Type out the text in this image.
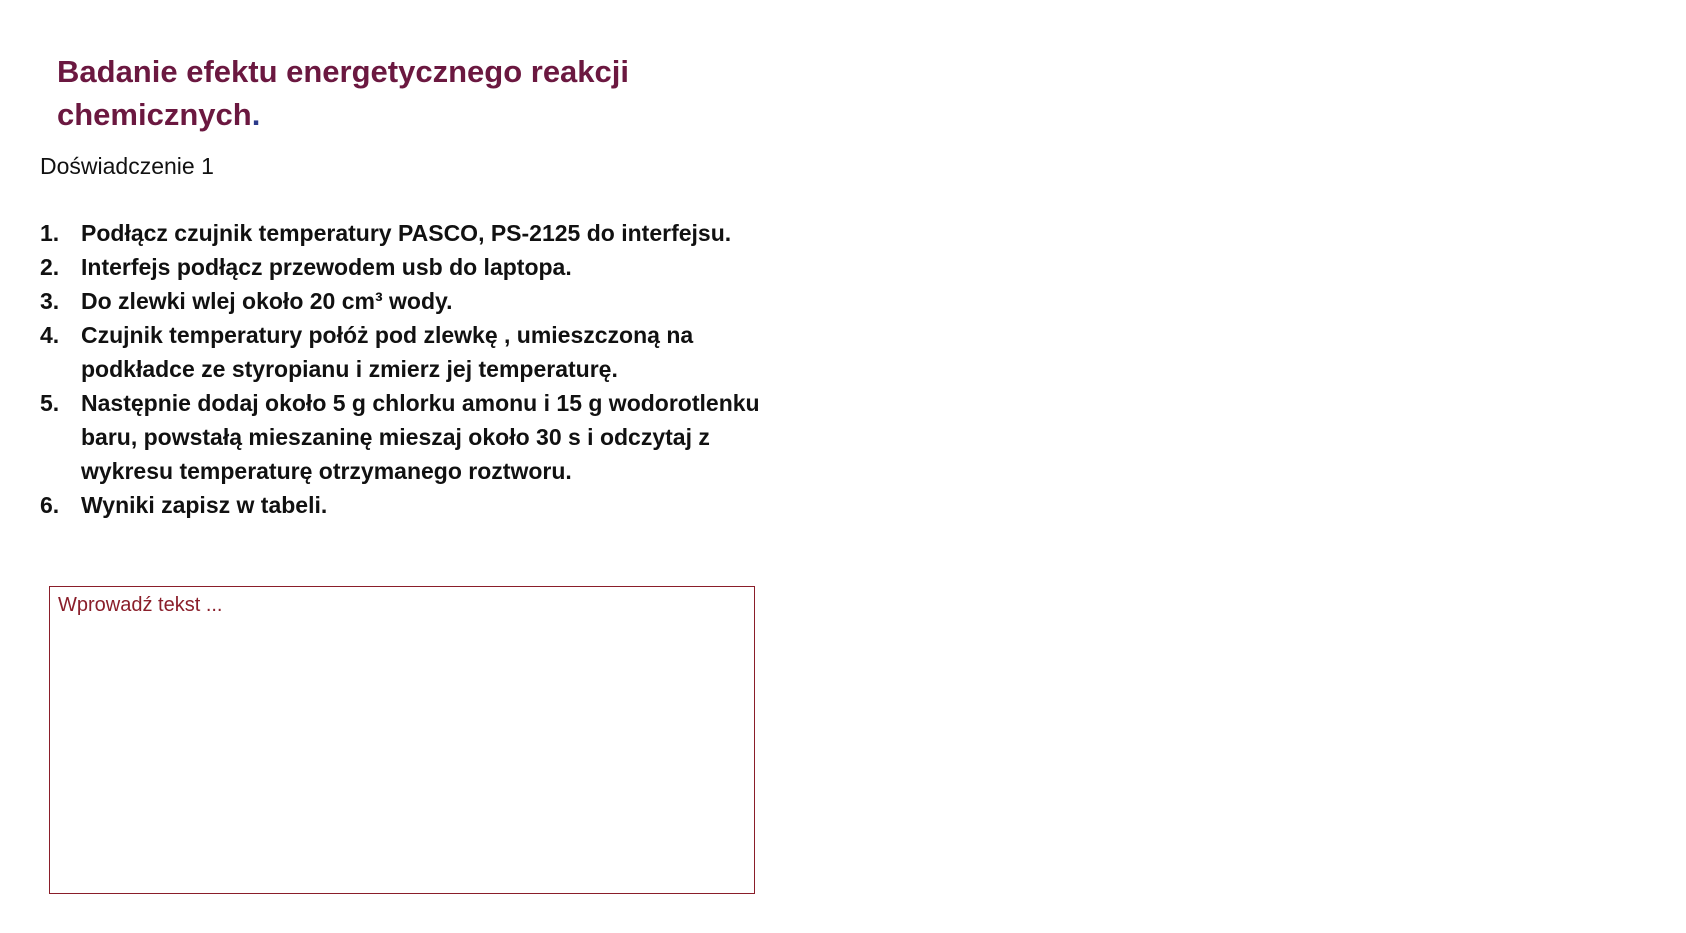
Badanie efektu energetycznego reakcji chemicznych.

Doświadczenie 1

1. Podłącz czujnik temperatury PASCO, PS-2125 do interfejsu.
2. Interfejs podłącz przewodem usb do laptopa.
3. Do zlewki wlej około 20 cm³ wody.
4. Czujnik temperatury połóż pod zlewkę , umieszczoną na podkładce ze styropianu i zmierz jej temperaturę.
5. Następnie dodaj około 5 g chlorku amonu i 15 g wodorotlenku baru, powstałą mieszaninę mieszaj około 30 s i odczytaj z wykresu temperaturę otrzymanego roztworu.
6. Wyniki zapisz w tabeli.
Wprowadź tekst ...
